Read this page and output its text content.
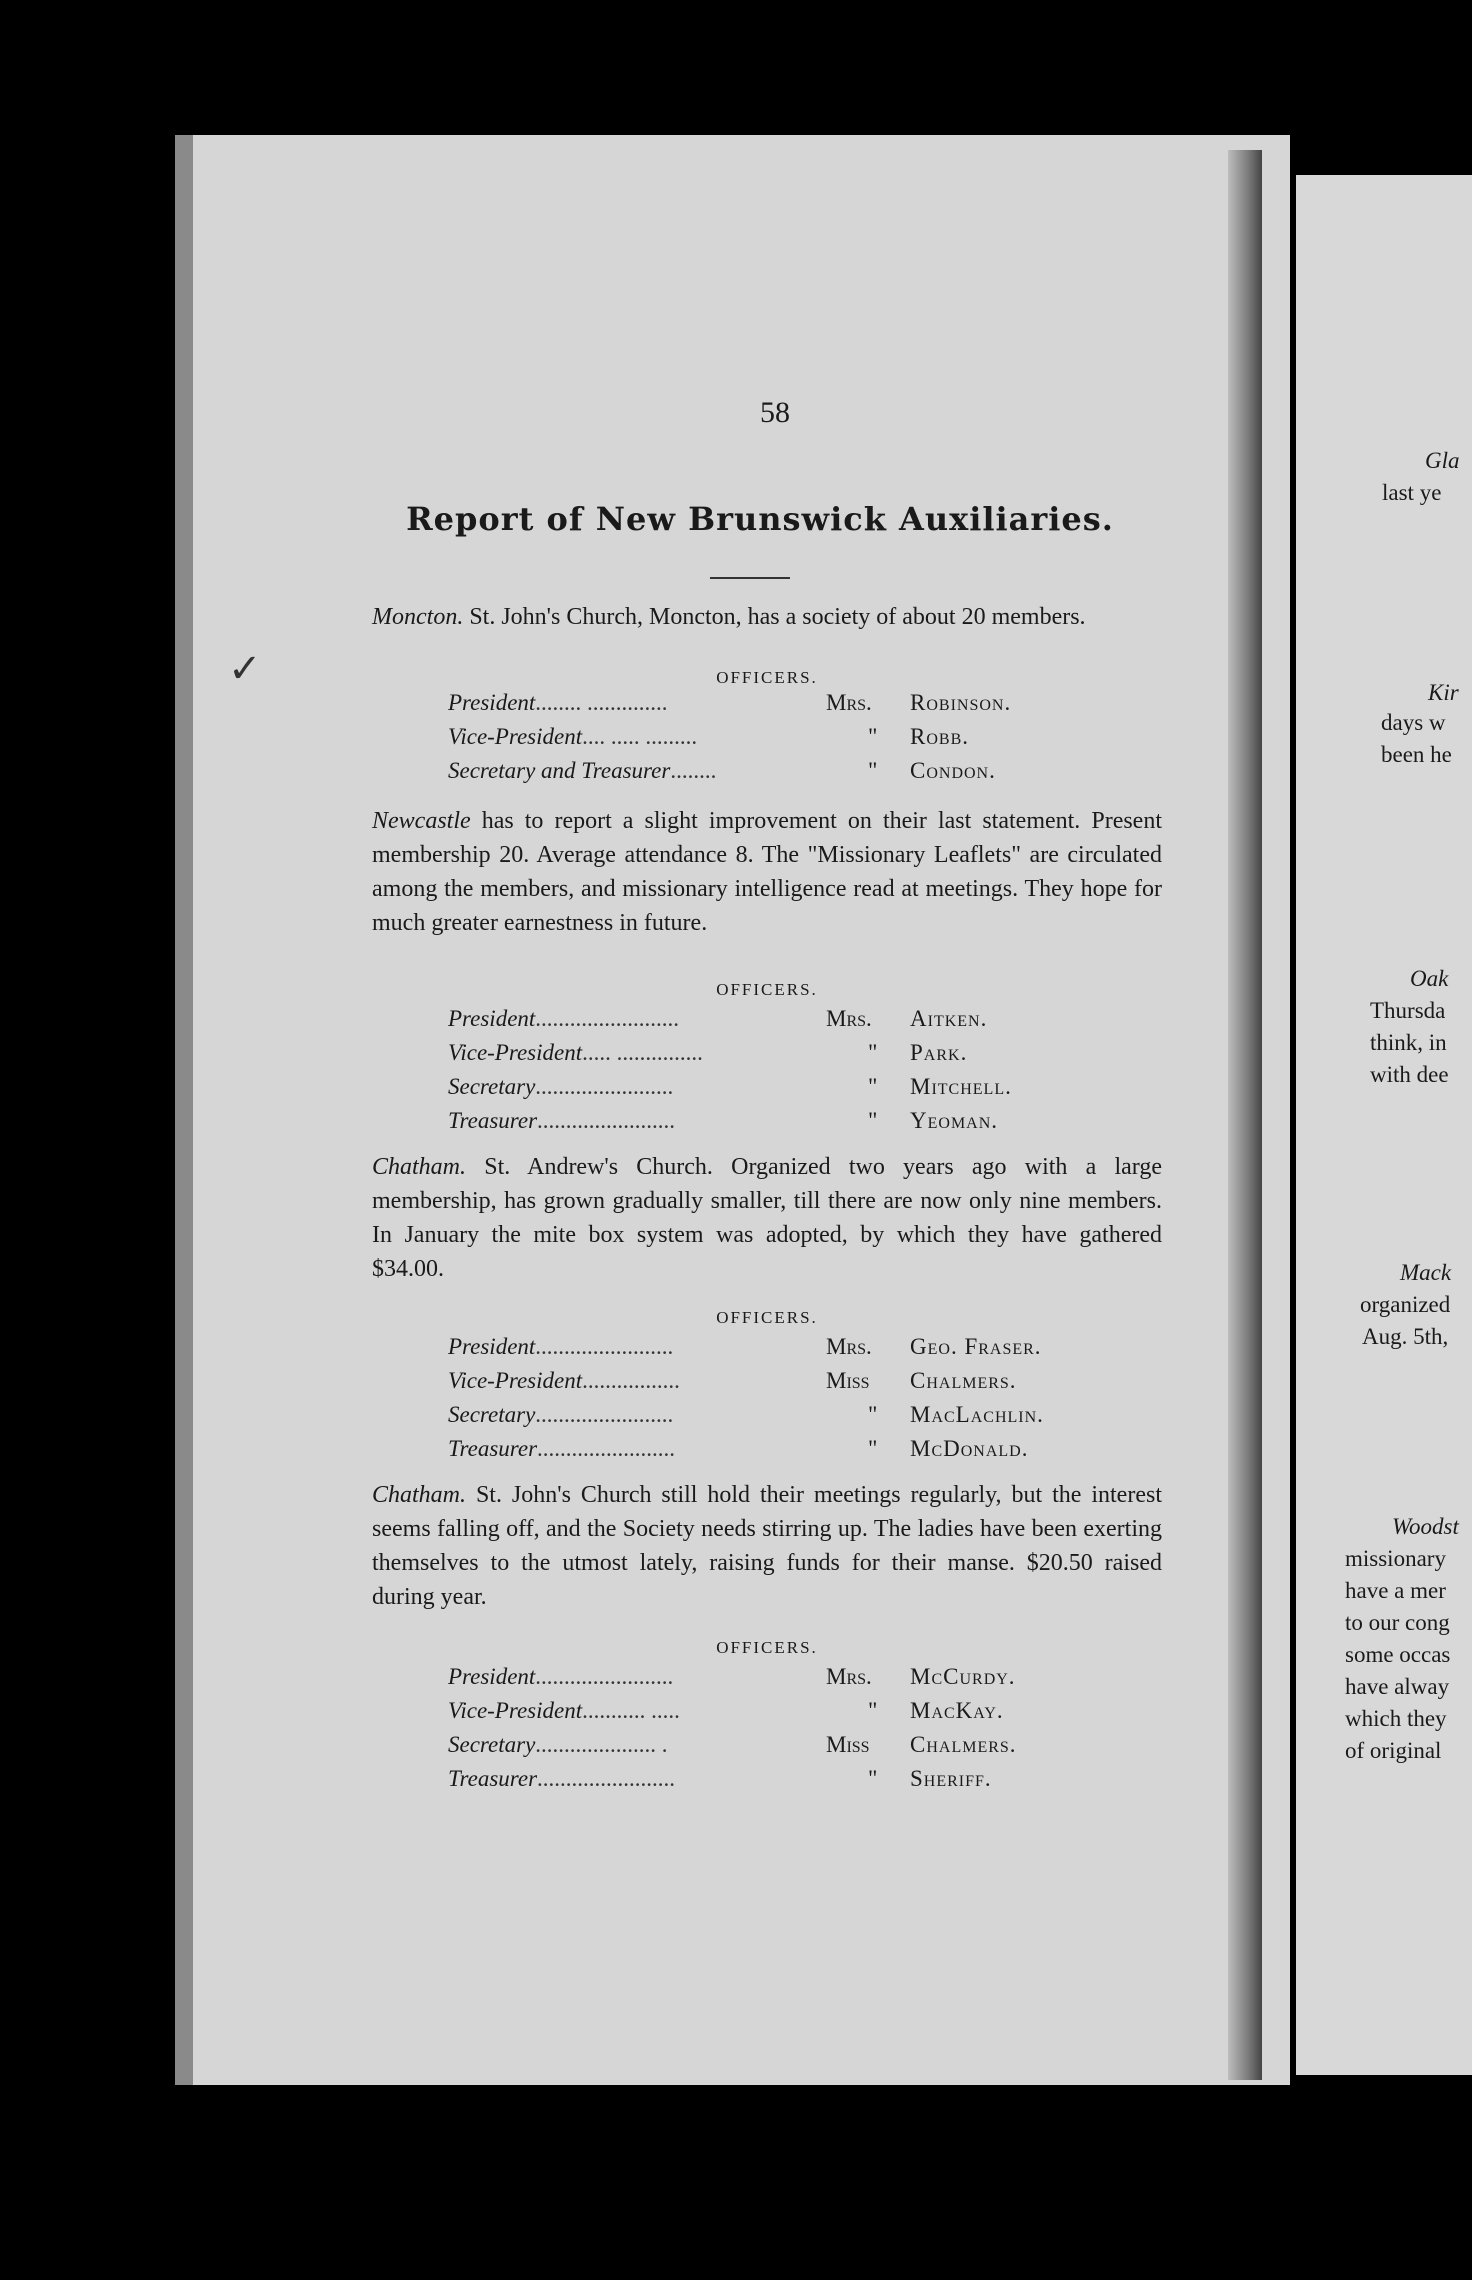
✓
58
Report of New Brunswick Auxiliaries.
Moncton. St. John's Church, Moncton, has a society of about 20 members.
OFFICERS.
President........ ..............	Mrs. Robinson.
Vice-President.... ..... .........	" Robb.
Secretary and Treasurer........	" Condon.
Newcastle has to report a slight improvement on their last statement. Present membership 20. Average attendance 8. The "Missionary Leaflets" are circulated among the members, and missionary intelligence read at meetings. They hope for much greater earnestness in future.
OFFICERS.
President.........................	Mrs. Aitken.
Vice-President..... ...............	" Park.
Secretary........................	" Mitchell.
Treasurer........................	" Yeoman.
Chatham. St. Andrew's Church. Organized two years ago with a large membership, has grown gradually smaller, till there are now only nine members. In January the mite box system was adopted, by which they have gathered $34.00.
OFFICERS.
President........................	Mrs. Geo. Fraser.
Vice-President.................	Miss Chalmers.
Secretary........................	" MacLachlin.
Treasurer........................	" McDonald.
Chatham. St. John's Church still hold their meetings regularly, but the interest seems falling off, and the Society needs stirring up. The ladies have been exerting themselves to the utmost lately, raising funds for their manse. $20.50 raised during year.
OFFICERS.
President........................	Mrs. McCurdy.
Vice-President........... .....	" MacKay.
Secretary..................... .	Miss Chalmers.
Treasurer........................	" Sheriff.
Gla
last ye
Kir
days w
been he
Oak
Thursda
think, in
with dee
Mack
organized
Aug. 5th,
Woodst
missionary
have a mer
to our cong
some occas
have alway
which they
of original
